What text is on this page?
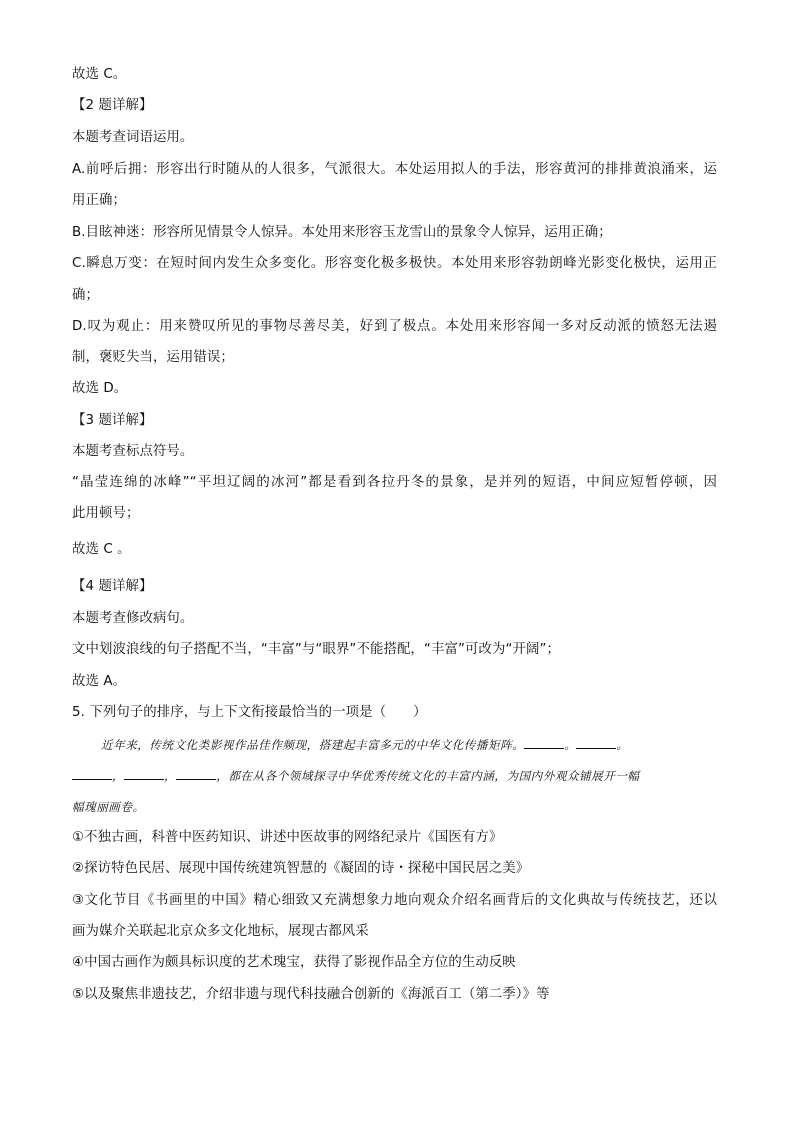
故选 C。
【2 题详解】
本题考查词语运用。
A.前呼后拥：形容出行时随从的人很多，气派很大。本处运用拟人的手法，形容黄河的排排黄浪涌来，运
用正确；
B.目眩神迷：形容所见情景令人惊异。本处用来形容玉龙雪山的景象令人惊异，运用正确；
C.瞬息万变：在短时间内发生众多变化。形容变化极多极快。本处用来形容勃朗峰光影变化极快，运用正
确；
D.叹为观止：用来赞叹所见的事物尽善尽美，好到了极点。本处用来形容闻一多对反动派的愤怒无法遏
制，褒贬失当，运用错误；
故选 D。
【3 题详解】
本题考查标点符号。
“晶莹连绵的冰峰”“平坦辽阔的冰河”都是看到各拉丹冬的景象，是并列的短语，中间应短暂停顿，因
此用顿号；
故选 C 。
【4 题详解】
本题考查修改病句。
文中划波浪线的句子搭配不当，“丰富”与“眼界”不能搭配，“丰富”可改为“开阔”；
故选 A。
5. 下列句子的排序，与上下文衔接最恰当的一项是（　　）
近年来，传统文化类影视作品佳作频现，搭建起丰富多元的中华文化传播矩阵。	。	。
，	，	，都在从各个领域探寻中华优秀传统文化的丰富内涵，为国内外观众铺展开一幅
幅瑰丽画卷。
①不独古画，科普中医药知识、讲述中医故事的网络纪录片《国医有方》
②探访特色民居、展现中国传统建筑智慧的《凝固的诗・探秘中国民居之美》
③文化节目《书画里的中国》精心细致又充满想象力地向观众介绍名画背后的文化典故与传统技艺，还以
画为媒介关联起北京众多文化地标，展现古都风采
④中国古画作为颇具标识度的艺术瑰宝，获得了影视作品全方位的生动反映
⑤以及聚焦非遗技艺，介绍非遗与现代科技融合创新的《海派百工（第二季）》等
